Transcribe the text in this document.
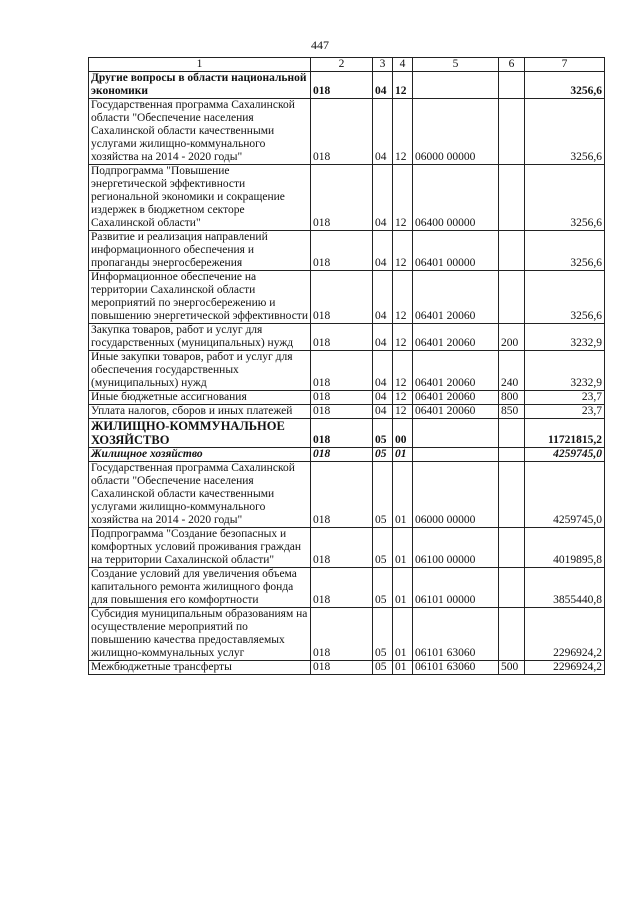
447
1	2	3	4	5	6	7
Другие вопросы в области национальной экономики	018	04	12			3256,6
Государственная программа Сахалинской области "Обеспечение населения Сахалинской области качественными услугами жилищно-коммунального хозяйства на 2014 - 2020 годы"	018	04	12	06000 00000		3256,6
Подпрограмма "Повышение энергетической эффективности региональной экономики и сокращение издержек в бюджетном секторе Сахалинской области"	018	04	12	06400 00000		3256,6
Развитие и реализация направлений информационного обеспечения и пропаганды энергосбережения	018	04	12	06401 00000		3256,6
Информационное обеспечение на территории Сахалинской области мероприятий по энергосбережению и повышению энергетической эффективности	018	04	12	06401 20060		3256,6
Закупка товаров, работ и услуг для государственных (муниципальных) нужд	018	04	12	06401 20060	200	3232,9
Иные закупки товаров, работ и услуг для обеспечения государственных (муниципальных) нужд	018	04	12	06401 20060	240	3232,9
Иные бюджетные ассигнования	018	04	12	06401 20060	800	23,7
Уплата налогов, сборов и иных платежей	018	04	12	06401 20060	850	23,7
ЖИЛИЩНО-КОММУНАЛЬНОЕ ХОЗЯЙСТВО	018	05	00			11721815,2
Жилищное хозяйство	018	05	01			4259745,0
Государственная программа Сахалинской области "Обеспечение населения Сахалинской области качественными услугами жилищно-коммунального хозяйства на 2014 - 2020 годы"	018	05	01	06000 00000		4259745,0
Подпрограмма "Создание безопасных и комфортных условий проживания граждан на территории Сахалинской области"	018	05	01	06100 00000		4019895,8
Создание условий для увеличения объема капитального ремонта жилищного фонда для повышения его комфортности	018	05	01	06101 00000		3855440,8
Субсидия муниципальным образованиям на осуществление мероприятий по повышению качества предоставляемых жилищно-коммунальных услуг	018	05	01	06101 63060		2296924,2
Межбюджетные трансферты	018	05	01	06101 63060	500	2296924,2
